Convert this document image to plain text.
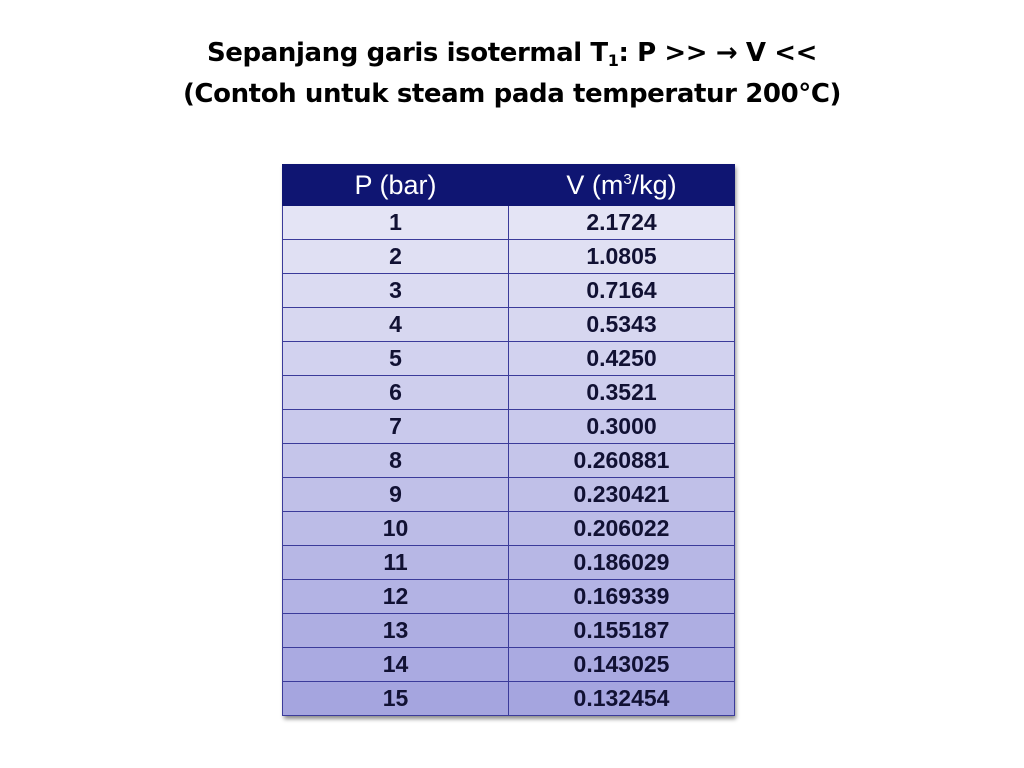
Sepanjang garis isotermal $T_1$: P >> → V <<
(Contoh untuk steam pada temperatur 200°C)
P (bar)	V $(m^3/kg)$
1	2.1724
2	1.0805
3	0.7164
4	0.5343
5	0.4250
6	0.3521
7	0.3000
8	0.260881
9	0.230421
10	0.206022
11	0.186029
12	0.169339
13	0.155187
14	0.143025
15	0.132454
